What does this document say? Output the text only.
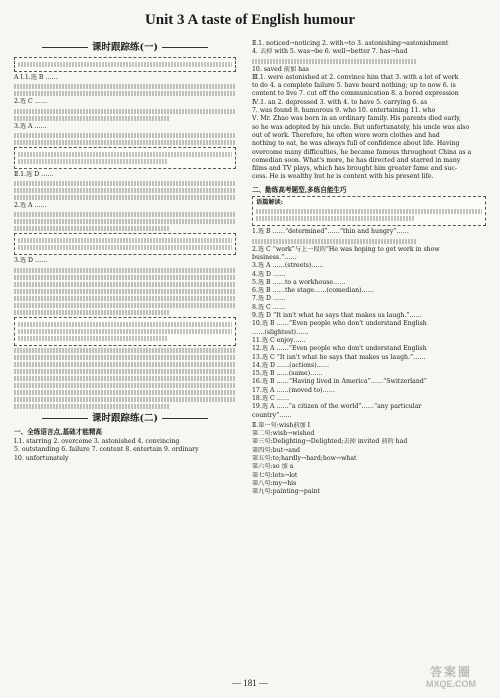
Unit 3 A taste of English humour
课时跟踪练(一)
A Ⅰ.1.选 B ……
2.选 C ……
3.选 A ……
Ⅱ.1.选 D ……
2.选 A ……
3.选 D ……
课时跟踪练(二)
一、全练语言点,基础才能精高
Ⅰ.1. starring 2. overcome 3. astonished 4. convincing
5. outstanding 6. failure 7. content 8. entertain 9. ordinary
10. unfortunately
Ⅱ.1. noticed→noticing 2. with→to 3. astonishing→astonishment
4. 去掉 with 5. was→be 6. well→better 7. has→had
10. saved 前加 has
Ⅲ.1. were astonished at 2. convince him that 3. with a lot of work
to do 4. a complete failure 5. have heard nothing; up to now 6. is
content to live 7. cut off the communication 8. a bored expression
Ⅳ.1. an 2. depressed 3. with 4. to have 5. carrying 6. as
7. was found 8. humorous 9. who 10. entertaining 11. who
Ⅴ. Mr. Zhao was born in an ordinary family. His parents died early,
so he was adopted by his uncle. But unfortunately, his uncle was also
out of work. Therefore, he often wore worn clothes and had
nothing to eat, he was always full of confidence about life. Having
overcome many difficulties, he became famous throughout China as a
comedian soon. What's more, he has directed and starred in many
films and TV plays, which has brought him greater fame and suc-
cess. He is wealthy but he is content with his present life.
二、勤练高考题型,多练自能生巧
语篇解读:
1.选 B ……“determined”……“thin and hungry”……
2.选 C “work”与上一段的“He was hoping to get work in show
business.”……
3.选 A ……(streets)……
4.选 D ……
5.选 B ……to a workhouse……
6.选 B ……the stage……(comedian)……
7.选 D ……
8.选 C ……
9.选 D “It isn't what he says that makes us laugh.”……
10.选 B ……“Even people who don't understand English
……(slightest)……
11.选 C enjoy……
12.选 A ……“Even people who don't understand English
13.选 C “It isn't what he says that makes us laugh.”……
14.选 D ……(actions)……
15.选 B ……(same)……
16.选 B ……“Having lived in America”……“Switzerland”
17.选 A ……(moved to)……
18.选 C ……
19.选 A ……“a citizen of the world”……“any particular
country”……
Ⅱ.第一句:wish前加 I
第二句:wish→wished
第三句:Delighting→Delighted;去掉 invited 前的 had
第四句:but→and
第五句:to;hardly→hard;how→what
第六句:so 加 a
第七句:lots→lot
第八句:my→his
第九句:painting→paint
— 181 —
答案圈
MXQE.COM
